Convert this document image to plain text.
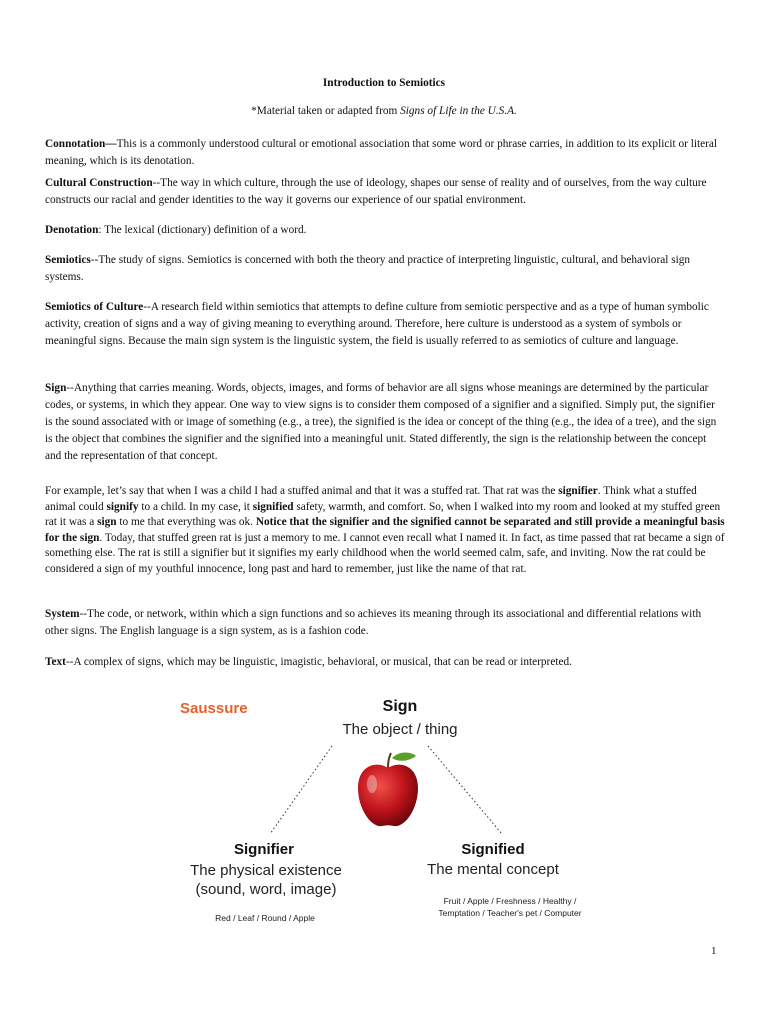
Introduction to Semiotics
*Material taken or adapted from Signs of Life in the U.S.A.
Connotation—This is a commonly understood cultural or emotional association that some word or phrase carries, in addition to its explicit or literal meaning, which is its denotation.
Cultural Construction--The way in which culture, through the use of ideology, shapes our sense of reality and of ourselves, from the way culture constructs our racial and gender identities to the way it governs our experience of our spatial environment.
Denotation: The lexical (dictionary) definition of a word.
Semiotics--The study of signs. Semiotics is concerned with both the theory and practice of interpreting linguistic, cultural, and behavioral sign systems.
Semiotics of Culture--A research field within semiotics that attempts to define culture from semiotic perspective and as a type of human symbolic activity, creation of signs and a way of giving meaning to everything around. Therefore, here culture is understood as a system of symbols or meaningful signs. Because the main sign system is the linguistic system, the field is usually referred to as semiotics of culture and language.
Sign--Anything that carries meaning. Words, objects, images, and forms of behavior are all signs whose meanings are determined by the particular codes, or systems, in which they appear. One way to view signs is to consider them composed of a signifier and a signified. Simply put, the signifier is the sound associated with or image of something (e.g., a tree), the signified is the idea or concept of the thing (e.g., the idea of a tree), and the sign is the object that combines the signifier and the signified into a meaningful unit. Stated differently, the sign is the relationship between the concept and the representation of that concept.
For example, let’s say that when I was a child I had a stuffed animal and that it was a stuffed rat. That rat was the signifier. Think what a stuffed animal could signify to a child. In my case, it signified safety, warmth, and comfort. So, when I walked into my room and looked at my stuffed green rat it was a sign to me that everything was ok. Notice that the signifier and the signified cannot be separated and still provide a meaningful basis for the sign. Today, that stuffed green rat is just a memory to me. I cannot even recall what I named it. In fact, as time passed that rat became a sign of something else. The rat is still a signifier but it signifies my early childhood when the world seemed calm, safe, and inviting. Now the rat could be considered a sign of my youthful innocence, long past and hard to remember, just like the name of that rat.
System--The code, or network, within which a sign functions and so achieves its meaning through its associational and differential relations with other signs. The English language is a sign system, as is a fashion code.
Text--A complex of signs, which may be linguistic, imagistic, behavioral, or musical, that can be read or interpreted.
Saussure	Sign
The object / thing
Signifier
The physical existence
(sound, word, image)
Red / Leaf / Round / Apple
Signified
The mental concept
Fruit / Apple / Freshness / Healthy / Temptation / Teacher's pet / Computer
1
